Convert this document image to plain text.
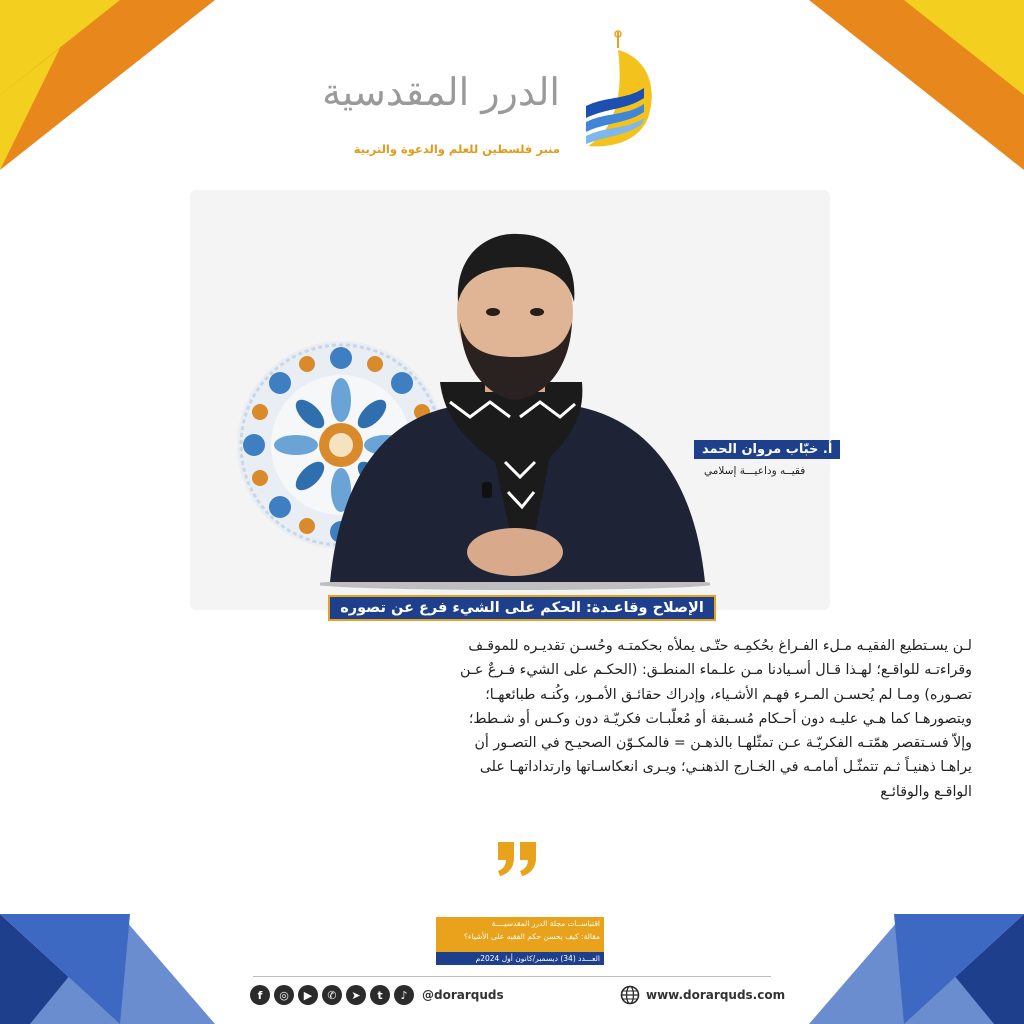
الدرر المقدسية
منبر فلسطين للعلم والدعوة والتربية
أ. خبّاب مروان الحمد
فقيــه وداعيـــة إسلامي
الإصلاح وقاعـدة: الحكم على الشيء فرع عن تصوره
لـن يسـتطيع الفقيـه مـلء الفـراغ بحُكمِـه حتّـى يملأه بحكمتـه وحُسـن تقديـره للموقـف
وقراءتـه للواقـع؛ لهـذا قـال أسـيادنا مـن علـماء المنطـق: (الحكـم على الشيء فـرعٌ عـن
تصـوره) ومـا لم يُحسـن المـرء فهـم الأشـياء، وإدراك حقائـق الأمـور، وكُنـه طبائعهـا؛
ويتصورهـا كما هـي عليـه دون أحـكام مُسـبقة أو مُعلّبـات فكريّـة دون وكـس أو شـطط؛
وإلاّ فسـتقصر همّتـه الفكريّـة عـن تمثّلهـا بالذهـن = فالمكـوّن الصحيـح في التصـور أن
يراهـا ذهنيـاً ثـم تتمثّـل أمامـه في الخـارج الذهنـي؛ ويـرى انعكاسـاتها وارتداداتهـا على
الواقـع والوقائـع
اقتباســات مجلة الدرر المقدسيــــة
مقالة: كيف يحسن حكم الفقيه على الأشياء؟
العـــدد (34) ديسمبر/كانون أول 2024م
www.dorarquds.com
f	◎	▶	✆	➤	t	♪	@dorarquds
